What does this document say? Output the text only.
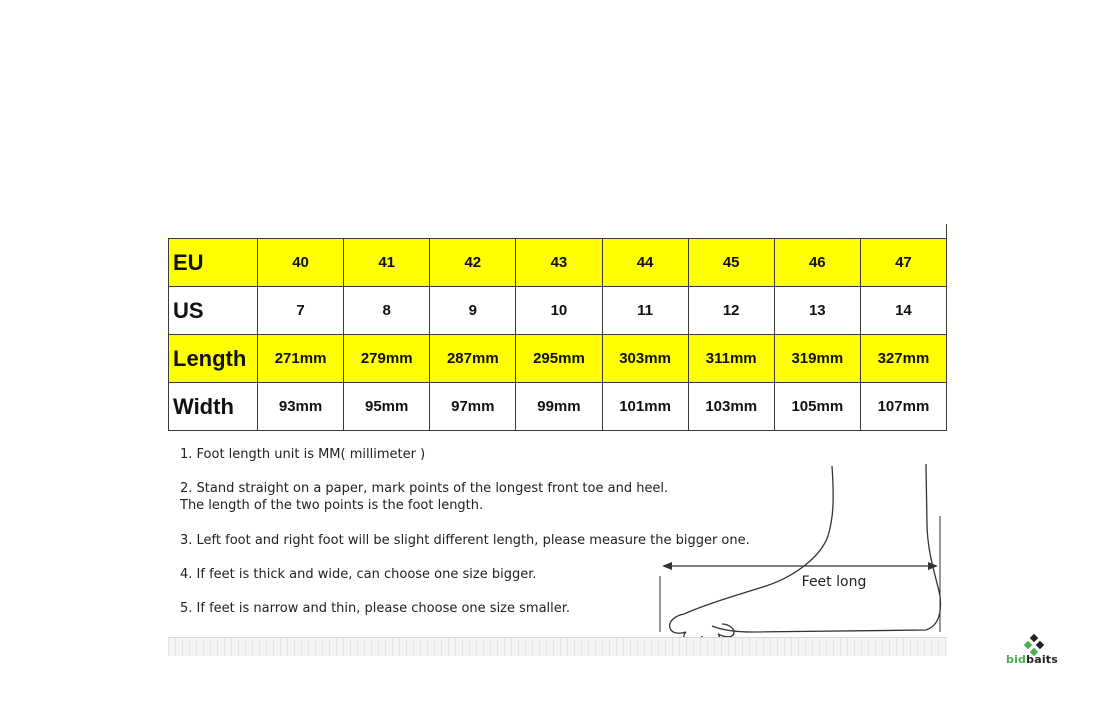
EU	40	41	42	43	44	45	46	47
US	7	8	9	10	11	12	13	14
Length	271mm	279mm	287mm	295mm	303mm	311mm	319mm	327mm
Width	93mm	95mm	97mm	99mm	101mm	103mm	105mm	107mm
1. Foot length unit is MM( millimeter )
2. Stand straight on a paper, mark points of the longest front toe and heel.
The length of the two points is the foot length.
3. Left foot and right foot will be slight different length, please measure the bigger one.
4. If feet is thick and wide, can choose one size bigger.
5. If feet is narrow and thin, please choose one size smaller.
Feet long
bidbaits
